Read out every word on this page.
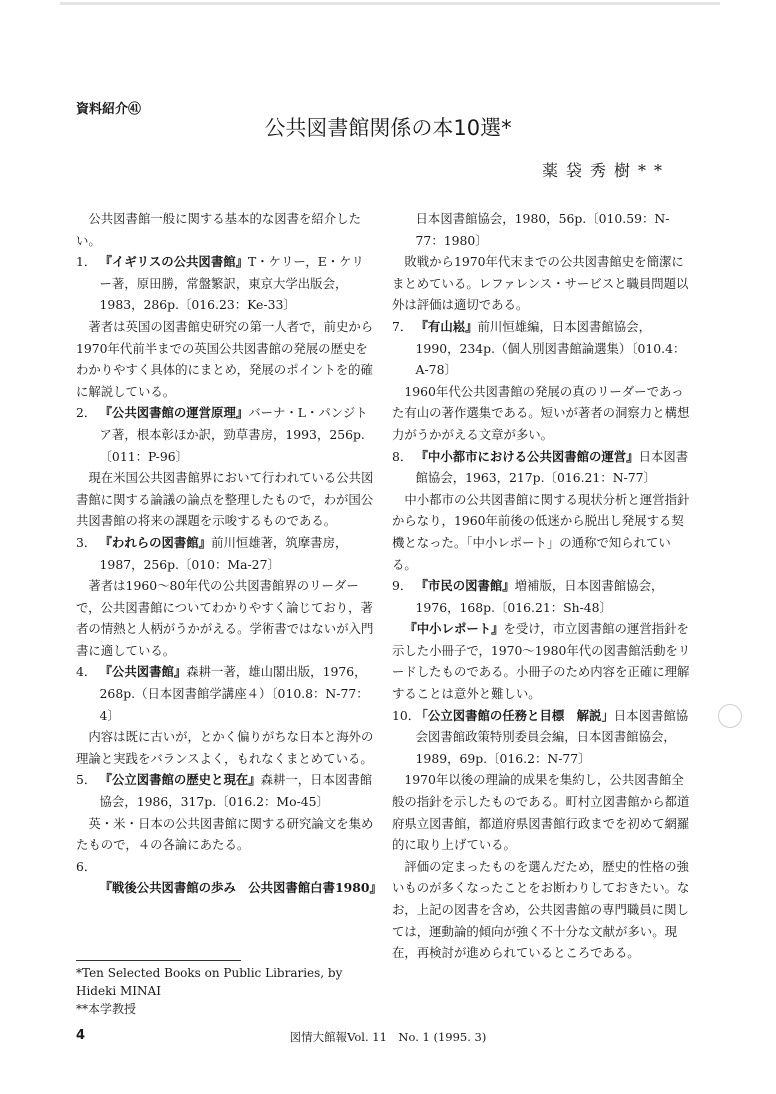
資料紹介㊶
公共図書館関係の本10選*
薬袋秀樹**

公共図書館一般に関する基本的な図書を紹介したい。

1． 『イギリスの公共図書館』T・ケリー，E・ケリー著，原田勝，常盤繁訳，東京大学出版会，1983，286p.〔016.23：Ke-33〕

著者は英国の図書館史研究の第一人者で，前史から1970年代前半までの英国公共図書館の発展の歴史をわかりやすく具体的にまとめ，発展のポイントを的確に解説している。

2． 『公共図書館の運営原理』バーナ・L・パンジトア著，根本彰ほか訳，勁草書房，1993，256p.〔011：P-96〕

現在米国公共図書館界において行われている公共図書館に関する論議の論点を整理したもので，わが国公共図書館の将来の課題を示唆するものである。

3． 『われらの図書館』前川恒雄著，筑摩書房，1987，256p.〔010：Ma-27〕

著者は1960～80年代の公共図書館界のリーダーで，公共図書館についてわかりやすく論じており，著者の情熱と人柄がうかがえる。学術書ではないが入門書に適している。

4． 『公共図書館』森耕一著，雄山閣出版，1976，268p.（日本図書館学講座４）〔010.8：N-77：4〕

内容は既に古いが，とかく偏りがちな日本と海外の理論と実践をバランスよく，もれなくまとめている。

5． 『公立図書館の歴史と現在』森耕一，日本図書館協会，1986，317p.〔016.2：Mo-45〕

英・米・日本の公共図書館に関する研究論文を集めたもので，４の各論にあたる。

6．『戦後公共図書館の歩み　公共図書館白書1980』

日本図書館協会，1980，56p.〔010.59：N-77：1980〕

敗戦から1970年代末までの公共図書館史を簡潔にまとめている。レファレンス・サービスと職員問題以外は評価は適切である。

7． 『有山崧』前川恒雄編，日本図書館協会，1990，234p.（個人別図書館論選集）〔010.4：A-78〕

1960年代公共図書館の発展の真のリーダーであった有山の著作選集である。短いが著者の洞察力と構想力がうかがえる文章が多い。

8． 『中小都市における公共図書館の運営』日本図書館協会，1963，217p.〔016.21：N-77〕

中小都市の公共図書館に関する現状分析と運営指針からなり，1960年前後の低迷から脱出し発展する契機となった。「中小レポート」の通称で知られている。

9． 『市民の図書館』増補版，日本図書館協会，1976，168p.〔016.21：Sh-48〕

『中小レポート』を受け，市立図書館の運営指針を示した小冊子で，1970～1980年代の図書館活動をリードしたものである。小冊子のため内容を正確に理解することは意外と難しい。

10．「公立図書館の任務と目標　解説」日本図書館協会図書館政策特別委員会編，日本図書館協会，1989，69p.〔016.2：N-77〕

1970年以後の理論的成果を集約し，公共図書館全般の指針を示したものである。町村立図書館から都道府県立図書館，都道府県図書館行政までを初めて網羅的に取り上げている。

評価の定まったものを選んだため，歴史的性格の強いものが多くなったことをお断わりしておきたい。なお，上記の図書を含め，公共図書館の専門職員に関しては，運動論的傾向が強く不十分な文献が多い。現在，再検討が進められているところである。

*Ten Selected Books on Public Libraries, by Hideki MINAI

**本学教授

4	図情大館報Vol. 11　No. 1 (1995. 3)
